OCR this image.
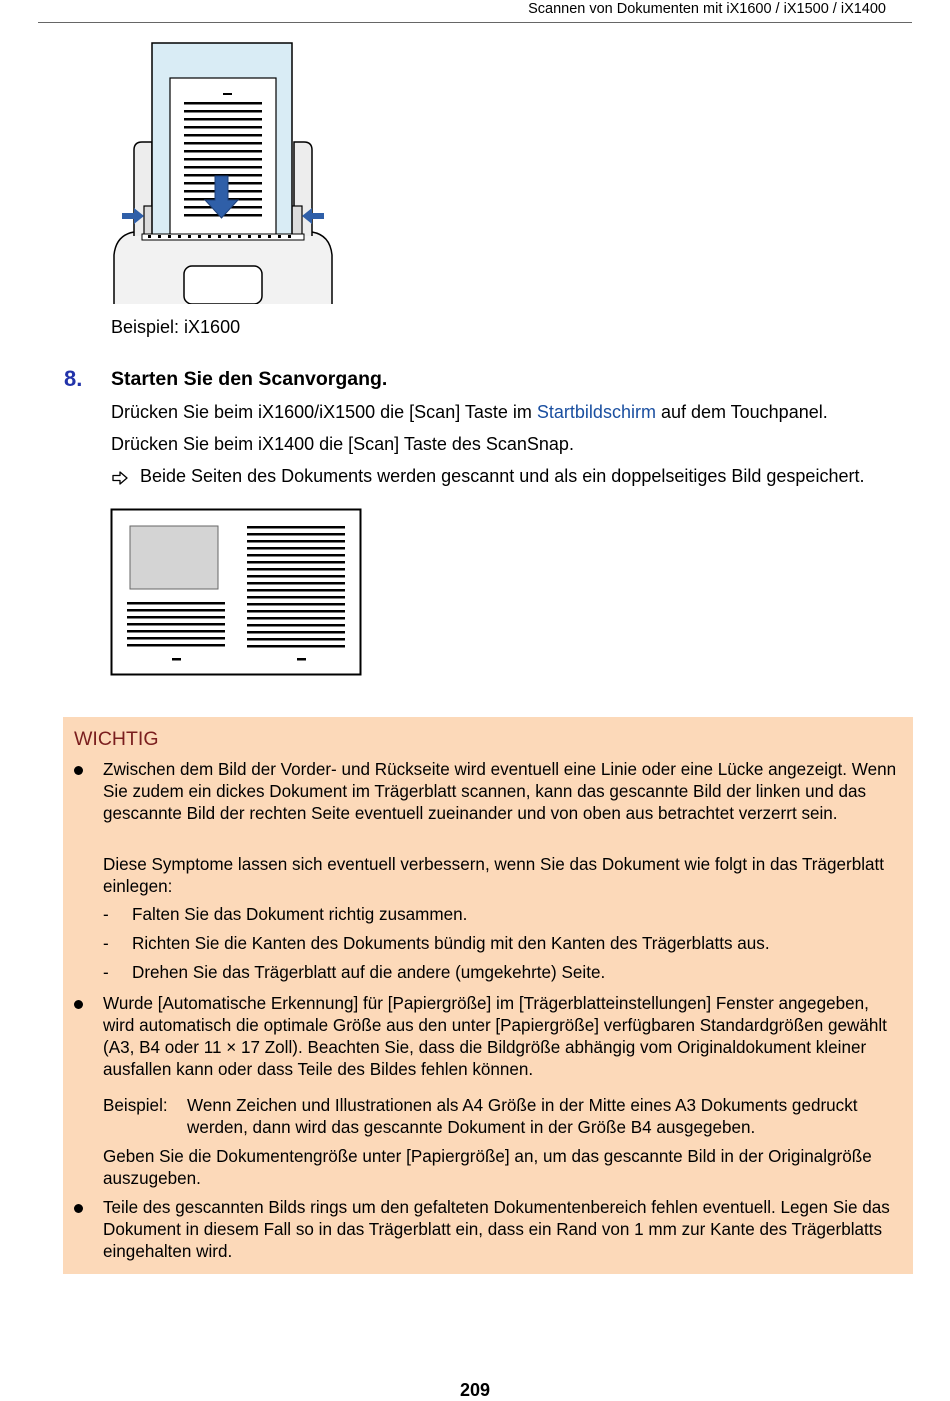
Scannen von Dokumenten mit iX1600 / iX1500 / iX1400
Beispiel: iX1600
8. Starten Sie den Scanvorgang.
Drücken Sie beim iX1600/iX1500 die [Scan] Taste im Startbildschirm auf dem Touchpanel.
Drücken Sie beim iX1400 die [Scan] Taste des ScanSnap.
Beide Seiten des Dokuments werden gescannt und als ein doppelseitiges Bild gespeichert.
WICHTIG
Zwischen dem Bild der Vorder- und Rückseite wird eventuell eine Linie oder eine Lücke angezeigt. Wenn Sie zudem ein dickes Dokument im Trägerblatt scannen, kann das gescannte Bild der linken und das gescannte Bild der rechten Seite eventuell zueinander und von oben aus betrachtet verzerrt sein.
Diese Symptome lassen sich eventuell verbessern, wenn Sie das Dokument wie folgt in das Trägerblatt einlegen:
- Falten Sie das Dokument richtig zusammen.
- Richten Sie die Kanten des Dokuments bündig mit den Kanten des Trägerblatts aus.
- Drehen Sie das Trägerblatt auf die andere (umgekehrte) Seite.
Wurde [Automatische Erkennung] für [Papiergröße] im [Trägerblatteinstellungen] Fenster angegeben, wird automatisch die optimale Größe aus den unter [Papiergröße] verfügbaren Standardgrößen gewählt (A3, B4 oder 11 × 17 Zoll). Beachten Sie, dass die Bildgröße abhängig vom Originaldokument kleiner ausfallen kann oder dass Teile des Bildes fehlen können.
Beispiel: Wenn Zeichen und Illustrationen als A4 Größe in der Mitte eines A3 Dokuments gedruckt werden, dann wird das gescannte Dokument in der Größe B4 ausgegeben.
Geben Sie die Dokumentengröße unter [Papiergröße] an, um das gescannte Bild in der Originalgröße auszugeben.
Teile des gescannten Bilds rings um den gefalteten Dokumentenbereich fehlen eventuell. Legen Sie das Dokument in diesem Fall so in das Trägerblatt ein, dass ein Rand von 1 mm zur Kante des Trägerblatts eingehalten wird.
209
